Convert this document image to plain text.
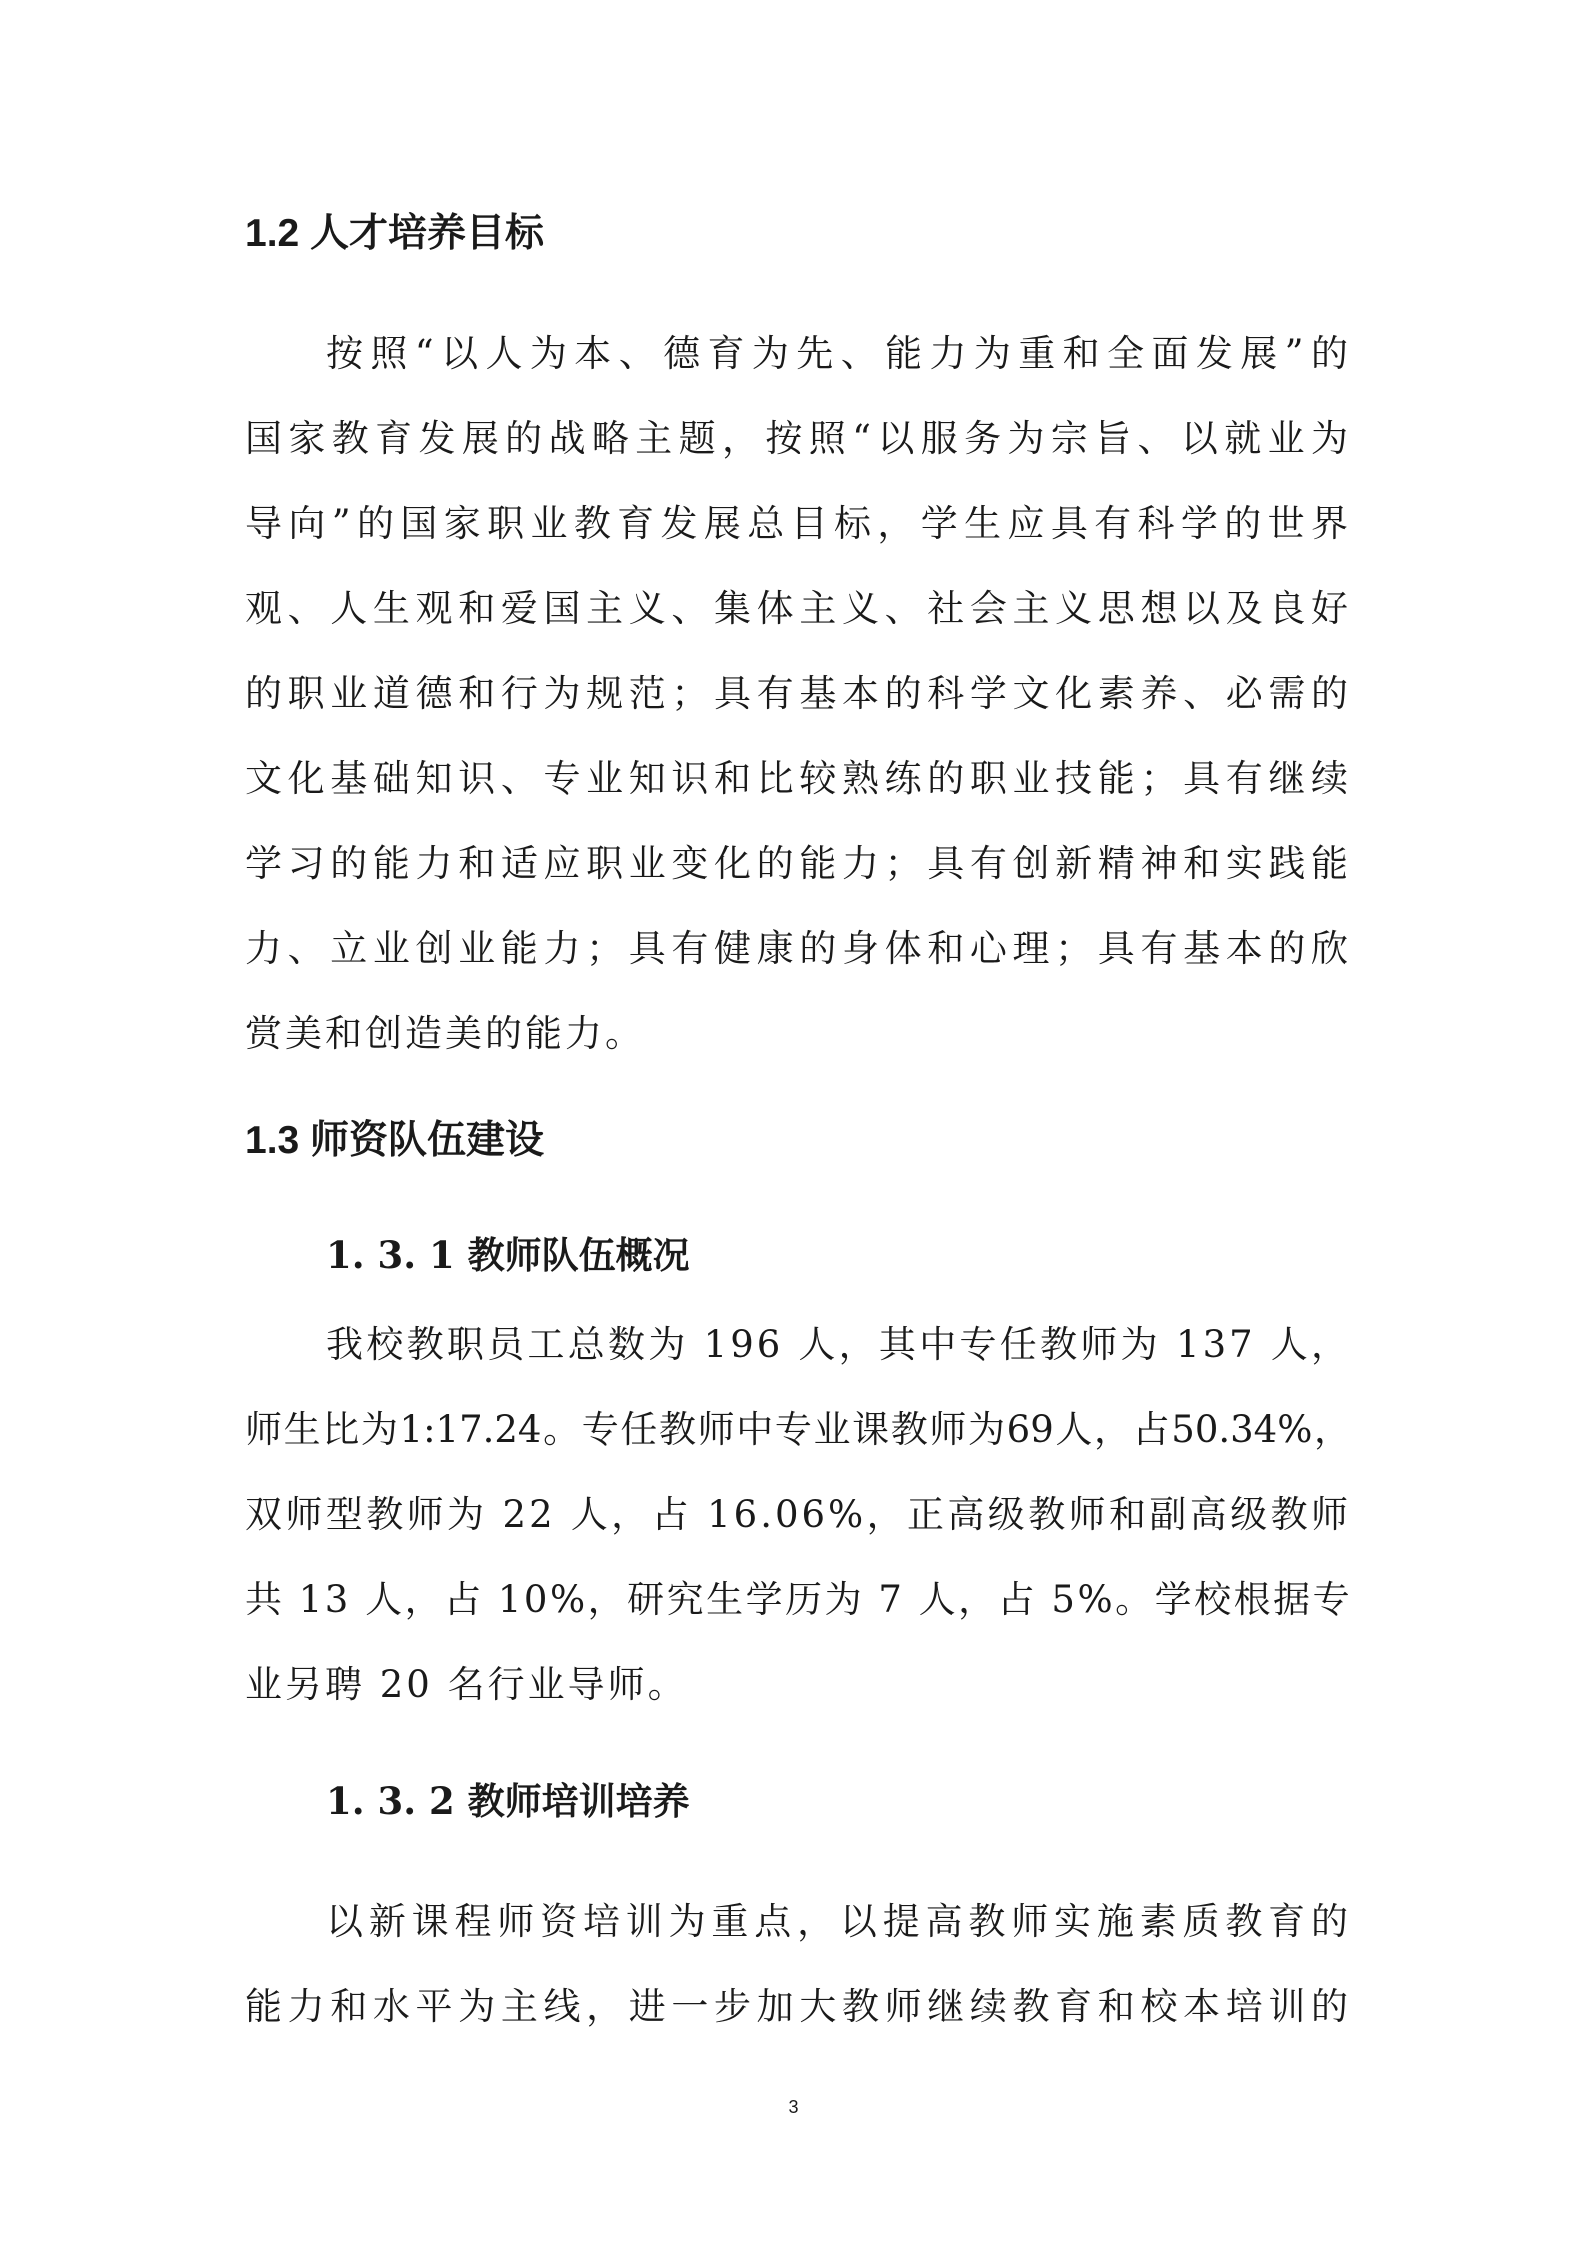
1.2 人才培养目标
按照“以人为本、德育为先、能力为重和全面发展”的
国家教育发展的战略主题，按照“以服务为宗旨、以就业为
导向”的国家职业教育发展总目标，学生应具有科学的世界
观、人生观和爱国主义、集体主义、社会主义思想以及良好
的职业道德和行为规范；具有基本的科学文化素养、必需的
文化基础知识、专业知识和比较熟练的职业技能；具有继续
学习的能力和适应职业变化的能力；具有创新精神和实践能
力、立业创业能力；具有健康的身体和心理；具有基本的欣
赏美和创造美的能力。
1.3 师资队伍建设
1. 3. 1 教师队伍概况
我校教职员工总数为 196 人，其中专任教师为 137 人，
师生比为1:17.24。专任教师中专业课教师为69人，占50.34%，
双师型教师为 22 人，占 16.06%，正高级教师和副高级教师
共 13 人，占 10%，研究生学历为 7 人，占 5%。学校根据专
业另聘 20 名行业导师。
1. 3. 2 教师培训培养
以新课程师资培训为重点，以提高教师实施素质教育的
能力和水平为主线，进一步加大教师继续教育和校本培训的

3
